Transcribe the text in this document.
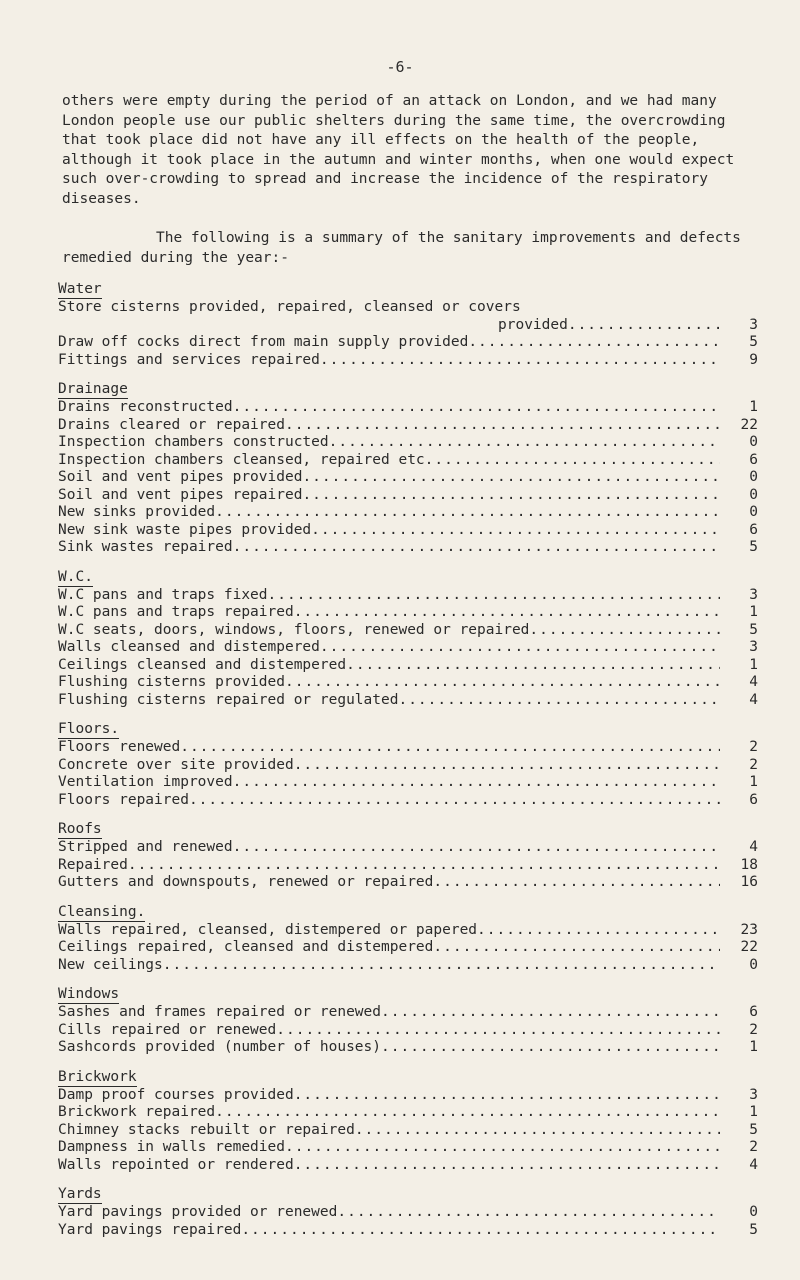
-6-

others were empty during the period of an attack on London, and we had many London people use our public shelters during the same time, the overcrowding that took place did not have any ill effects on the health of the people, although it took place in the autumn and winter months, when one would expect such over-crowding to spread and increase the incidence of the respiratory diseases.

The following is a summary of the sanitary improvements and defects remedied during the year:-

Water
Store cisterns provided, repaired, cleansed or covers
provided .....	3
Draw off cocks direct from main supply provided .....	5
Fittings and services repaired .....	9
Drainage
Drains reconstructed .....	1
Drains cleared or repaired .....	22
Inspection chambers constructed .....	0
Inspection chambers cleansed, repaired etc .....	6
Soil and vent pipes provided .....	0
Soil and vent pipes repaired .....	0
New sinks provided .....	0
New sink waste pipes provided .....	6
Sink wastes repaired .....	5
W.C.
W.C pans and traps fixed .....	3
W.C pans and traps repaired .....	1
W.C seats, doors, windows, floors, renewed or repaired .....	5
Walls cleansed and distempered .....	3
Ceilings cleansed and distempered .....	1
Flushing cisterns provided .....	4
Flushing cisterns repaired or regulated .....	4
Floors.
Floors renewed .....	2
Concrete over site provided .....	2
Ventilation improved .....	1
Floors repaired .....	6
Roofs
Stripped and renewed .....	4
Repaired .....	18
Gutters and downspouts, renewed or repaired .....	16
Cleansing.
Walls repaired, cleansed, distempered or papered .....	23
Ceilings repaired, cleansed and distempered .....	22
New ceilings .....	0
Windows
Sashes and frames repaired or renewed .....	6
Cills repaired or renewed .....	2
Sashcords provided (number of houses) .....	1
Brickwork
Damp proof courses provided .....	3
Brickwork repaired .....	1
Chimney stacks rebuilt or repaired .....	5
Dampness in walls remedied .....	2
Walls repointed or rendered .....	4
Yards
Yard pavings provided or renewed .....	0
Yard pavings repaired .....	5
